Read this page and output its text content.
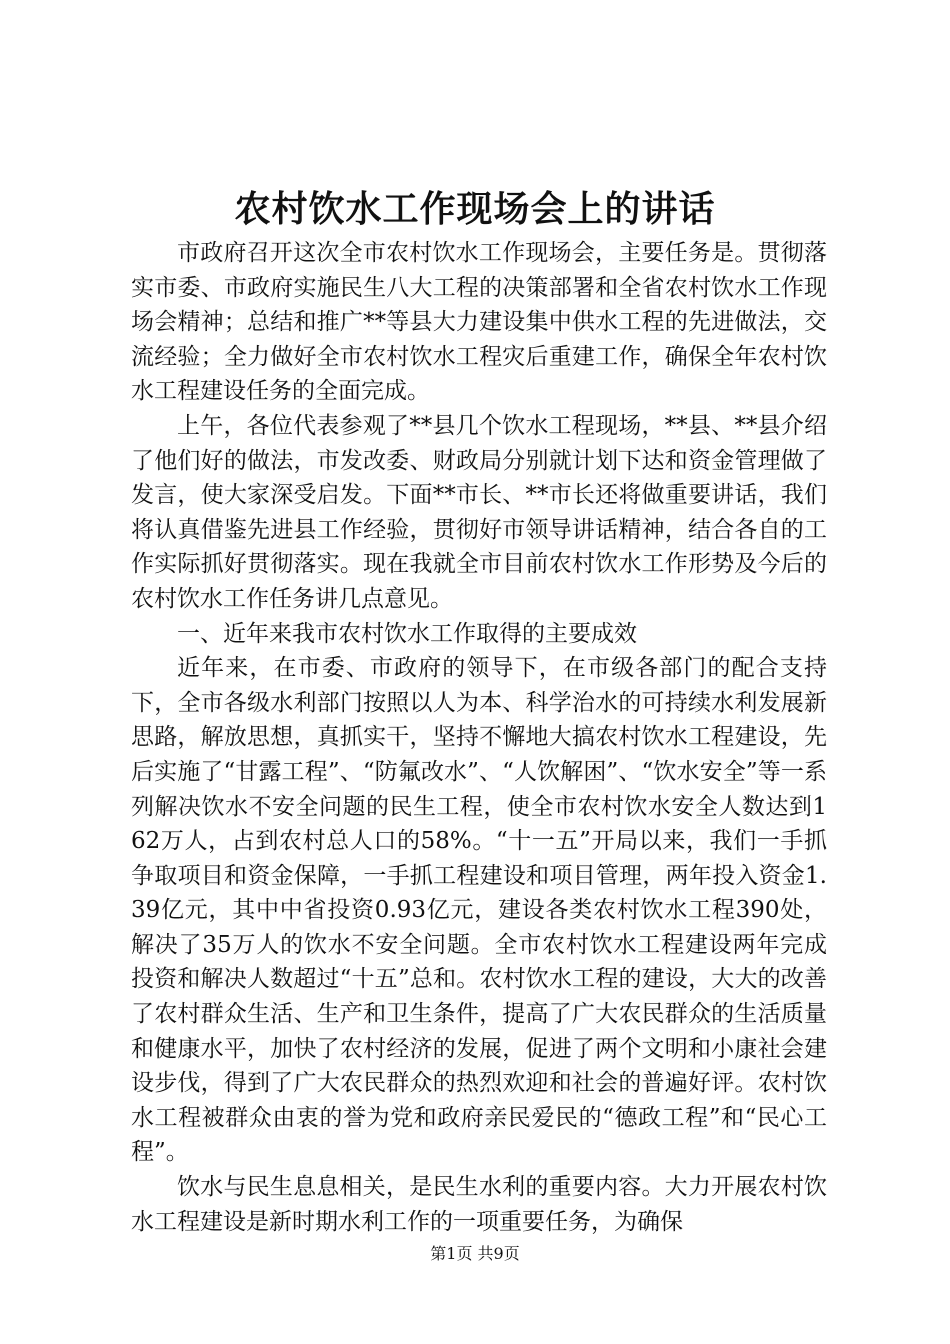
农村饮水工作现场会上的讲话

市政府召开这次全市农村饮水工作现场会，主要任务是。贯彻落实市委、市政府实施民生八大工程的决策部署和全省农村饮水工作现场会精神；总结和推广**等县大力建设集中供水工程的先进做法，交流经验；全力做好全市农村饮水工程灾后重建工作，确保全年农村饮水工程建设任务的全面完成。

上午，各位代表参观了**县几个饮水工程现场，**县、**县介绍了他们好的做法，市发改委、财政局分别就计划下达和资金管理做了发言，使大家深受启发。下面**市长、**市长还将做重要讲话，我们将认真借鉴先进县工作经验，贯彻好市领导讲话精神，结合各自的工作实际抓好贯彻落实。现在我就全市目前农村饮水工作形势及今后的农村饮水工作任务讲几点意见。

一、近年来我市农村饮水工作取得的主要成效

近年来，在市委、市政府的领导下，在市级各部门的配合支持下，全市各级水利部门按照以人为本、科学治水的可持续水利发展新思路，解放思想，真抓实干，坚持不懈地大搞农村饮水工程建设，先后实施了“甘露工程”、“防氟改水”、“人饮解困”、“饮水安全”等一系列解决饮水不安全问题的民生工程，使全市农村饮水安全人数达到162万人，占到农村总人口的58%。“十一五”开局以来，我们一手抓争取项目和资金保障，一手抓工程建设和项目管理，两年投入资金1.39亿元，其中中省投资0.93亿元，建设各类农村饮水工程390处，解决了35万人的饮水不安全问题。全市农村饮水工程建设两年完成投资和解决人数超过“十五”总和。农村饮水工程的建设，大大的改善了农村群众生活、生产和卫生条件，提高了广大农民群众的生活质量和健康水平，加快了农村经济的发展，促进了两个文明和小康社会建设步伐，得到了广大农民群众的热烈欢迎和社会的普遍好评。农村饮水工程被群众由衷的誉为党和政府亲民爱民的“德政工程”和“民心工程”。

饮水与民生息息相关，是民生水利的重要内容。大力开展农村饮水工程建设是新时期水利工作的一项重要任务，为确保

第1页 共9页
